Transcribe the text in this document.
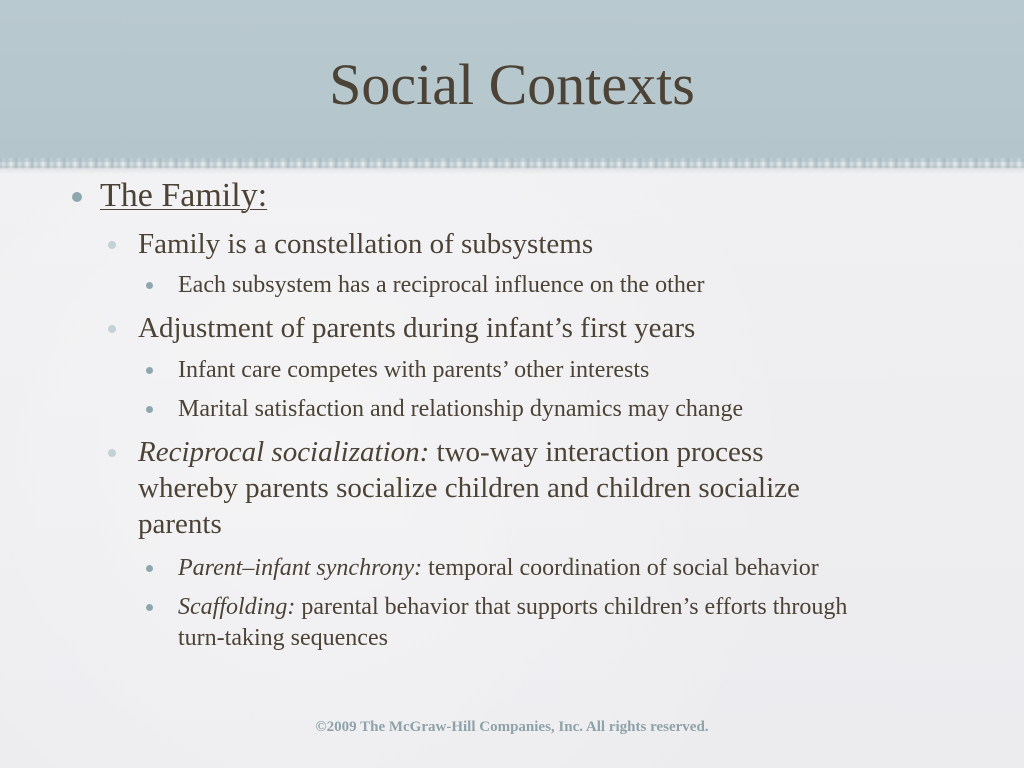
Social Contexts
The Family:
Family is a constellation of subsystems
Each subsystem has a reciprocal influence on the other
Adjustment of parents during infant’s first years
Infant care competes with parents’ other interests
Marital satisfaction and relationship dynamics may change
Reciprocal socialization: two-way interaction process
whereby parents socialize children and children socialize
parents
Parent–infant synchrony: temporal coordination of social behavior
Scaffolding: parental behavior that supports children’s efforts through
turn-taking sequences
©2009 The McGraw-Hill Companies, Inc. All rights reserved.
